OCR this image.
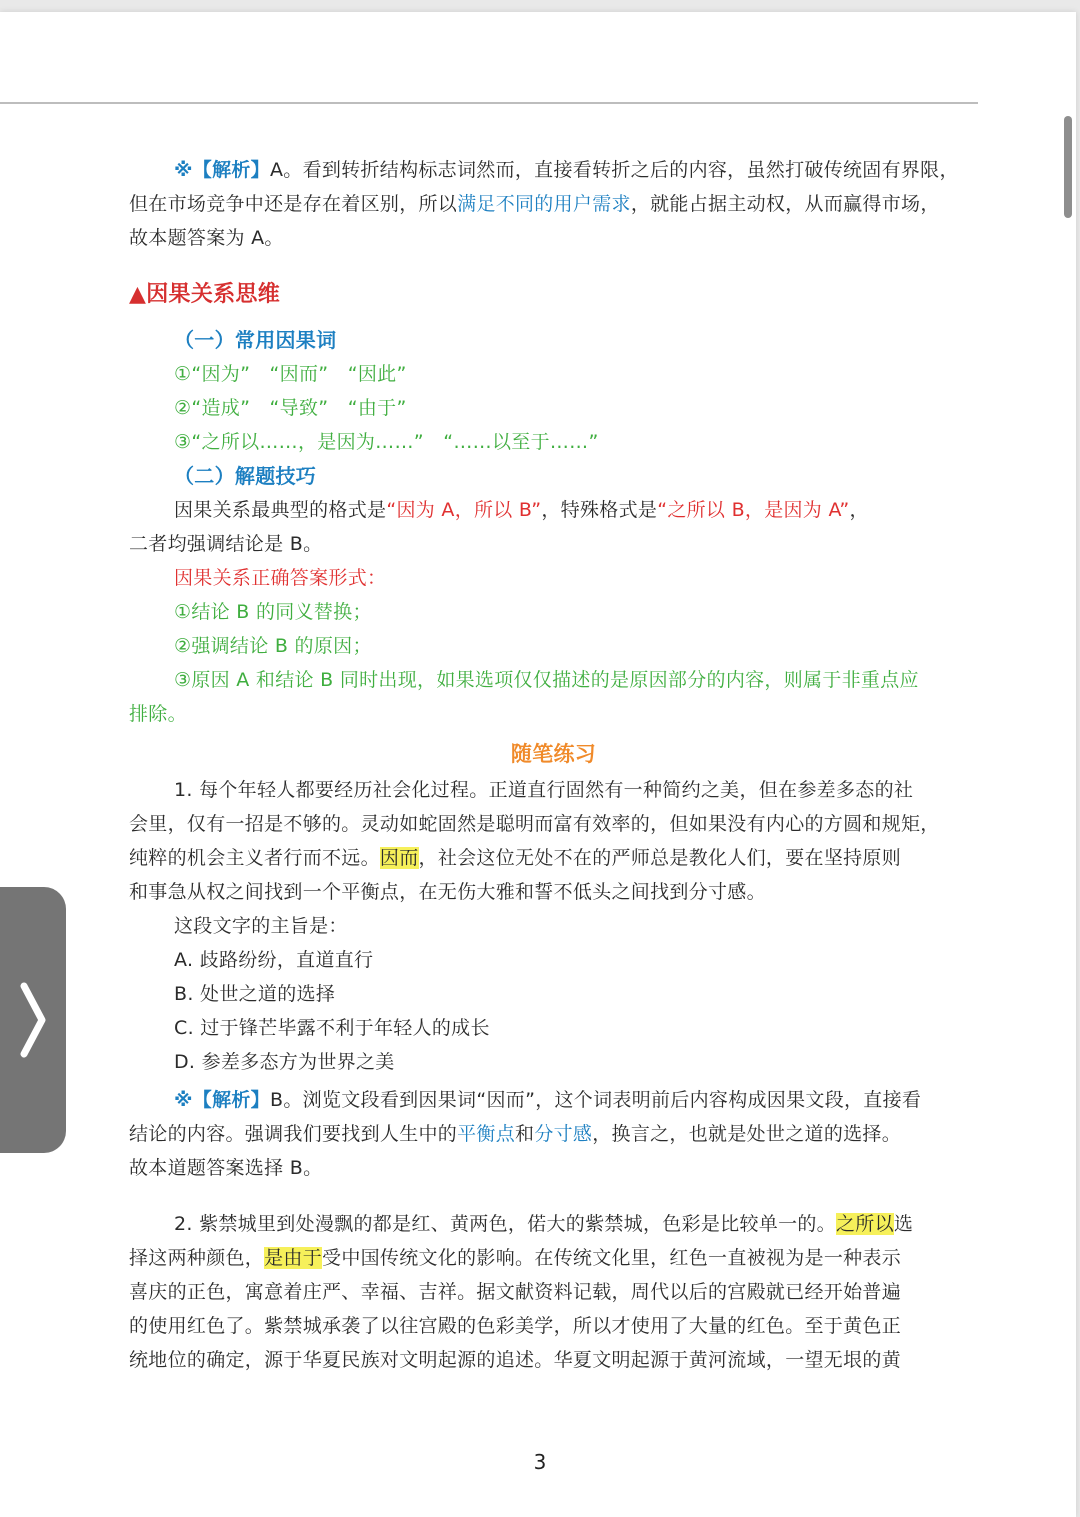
※【解析】A。看到转折结构标志词然而，直接看转折之后的内容，虽然打破传统固有界限，

但在市场竞争中还是存在着区别，所以满足不同的用户需求，就能占据主动权，从而赢得市场，

故本题答案为 A。

▲因果关系思维

（一）常用因果词

①“因为”　“因而”　“因此”

②“造成”　“导致”　“由于”

③“之所以……，是因为……”　“……以至于……”

（二）解题技巧

因果关系最典型的格式是“因为 A，所以 B”，特殊格式是“之所以 B，是因为 A”，

二者均强调结论是 B。

因果关系正确答案形式：

①结论 B 的同义替换；

②强调结论 B 的原因；

③原因 A 和结论 B 同时出现，如果选项仅仅描述的是原因部分的内容，则属于非重点应

排除。

随笔练习

1. 每个年轻人都要经历社会化过程。正道直行固然有一种简约之美，但在参差多态的社

会里，仅有一招是不够的。灵动如蛇固然是聪明而富有效率的，但如果没有内心的方圆和规矩，

纯粹的机会主义者行而不远。因而，社会这位无处不在的严师总是教化人们，要在坚持原则

和事急从权之间找到一个平衡点，在无伤大雅和誓不低头之间找到分寸感。

这段文字的主旨是：

A. 歧路纷纷，直道直行

B. 处世之道的选择

C. 过于锋芒毕露不利于年轻人的成长

D. 参差多态方为世界之美

※【解析】B。浏览文段看到因果词“因而”，这个词表明前后内容构成因果文段，直接看

结论的内容。强调我们要找到人生中的平衡点和分寸感，换言之，也就是处世之道的选择。

故本道题答案选择 B。

2. 紫禁城里到处漫飘的都是红、黄两色，偌大的紫禁城，色彩是比较单一的。之所以选

择这两种颜色，是由于受中国传统文化的影响。在传统文化里，红色一直被视为是一种表示

喜庆的正色，寓意着庄严、幸福、吉祥。据文献资料记载，周代以后的宫殿就已经开始普遍

的使用红色了。紫禁城承袭了以往宫殿的色彩美学，所以才使用了大量的红色。至于黄色正

统地位的确定，源于华夏民族对文明起源的追述。华夏文明起源于黄河流域，一望无垠的黄

3
